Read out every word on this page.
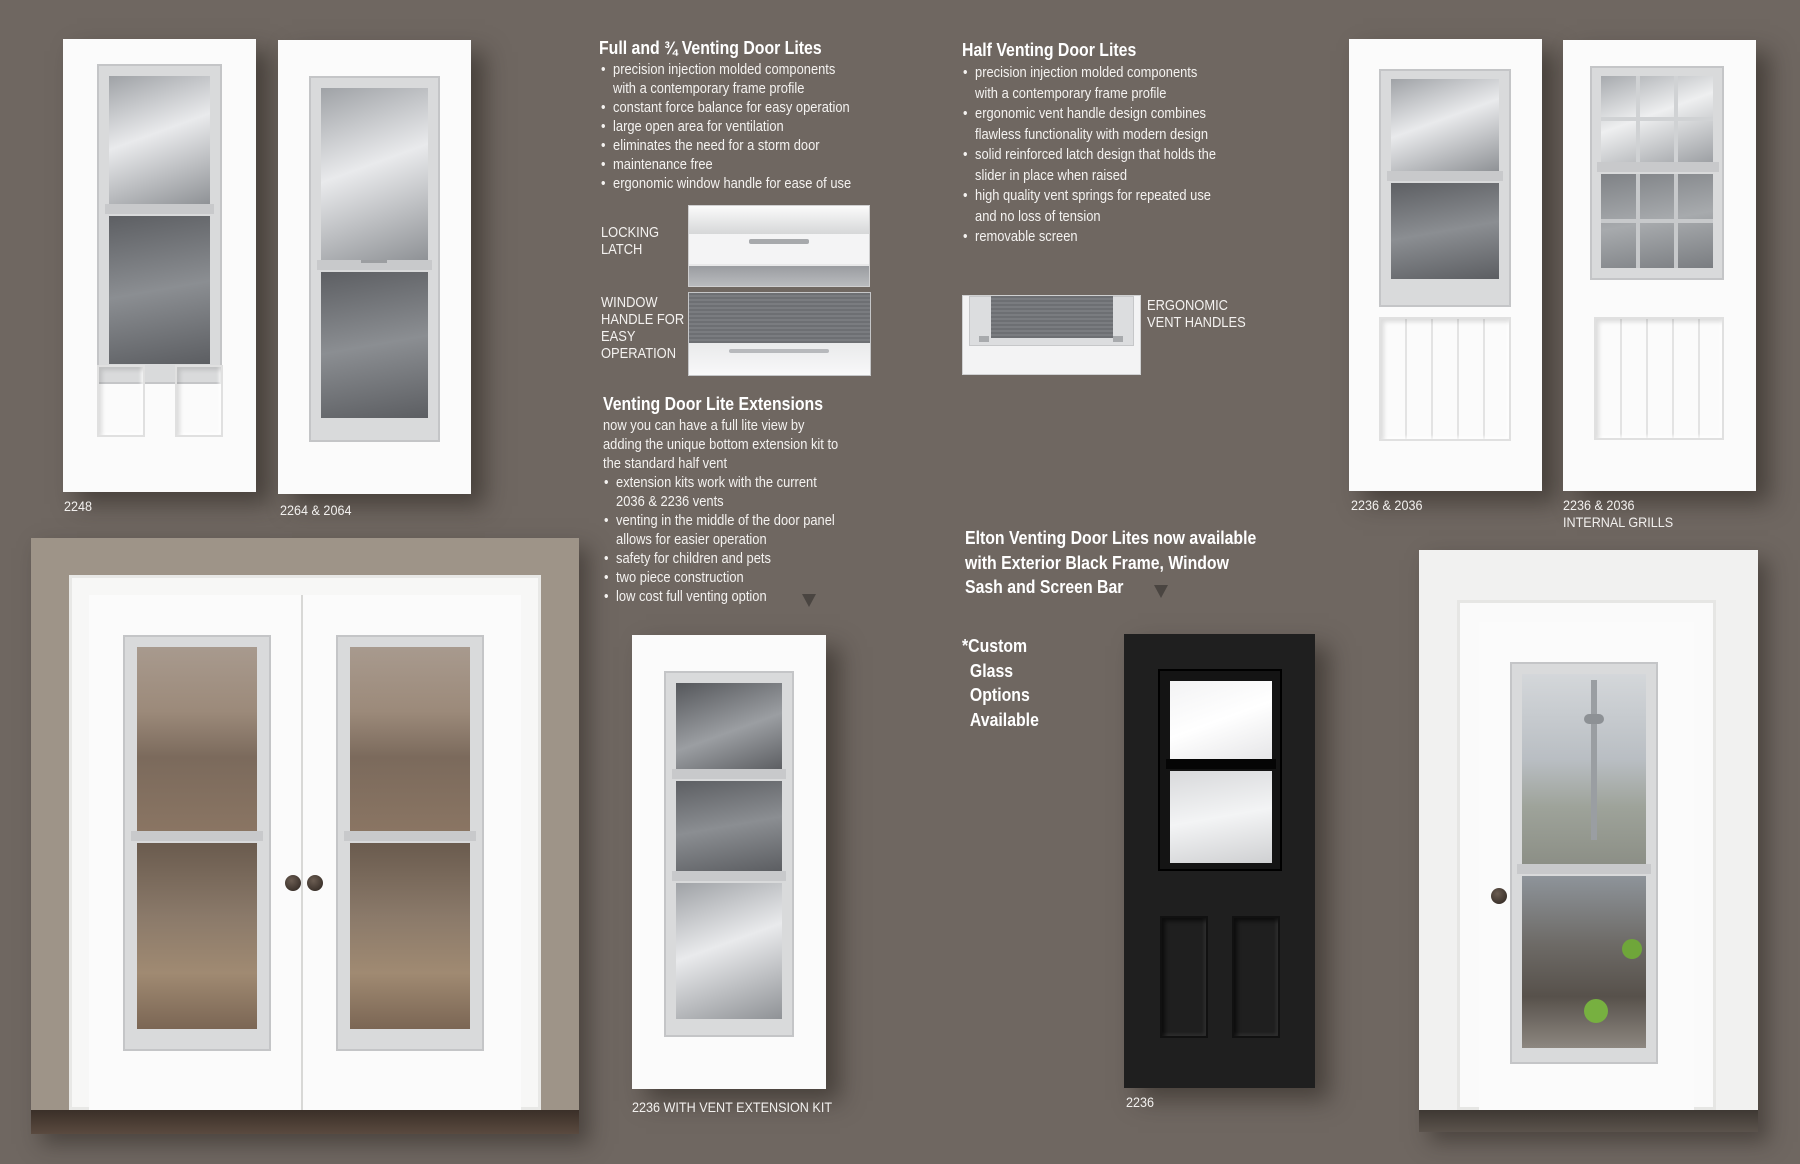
2248	2264 & 2064
Full and ¾ Venting Door Lites
• precision injection molded components
with a contemporary frame profile
• constant force balance for easy operation
• large open area for ventilation
• eliminates the need for a storm door
• maintenance free
• ergonomic window handle for ease of use
LOCKING
LATCH
WINDOW
HANDLE FOR
EASY
OPERATION
Half Venting Door Lites
• precision injection molded components
with a contemporary frame profile
• ergonomic vent handle design combines
flawless functionality with modern design
• solid reinforced latch design that holds the
slider in place when raised
• high quality vent springs for repeated use
and no loss of tension
• removable screen
ERGONOMIC
VENT HANDLES
2236 & 2036	2236 & 2036
INTERNAL GRILLS
Venting Door Lite Extensions
now you can have a full lite view by
adding the unique bottom extension kit to
the standard half vent
• extension kits work with the current
2036 & 2236 vents
• venting in the middle of the door panel
allows for easier operation
• safety for children and pets
• two piece construction
• low cost full venting option
2236 WITH VENT EXTENSION KIT
Elton Venting Door Lites now available
with Exterior Black Frame, Window
Sash and Screen Bar
*Custom
Glass
Options
Available
2236
